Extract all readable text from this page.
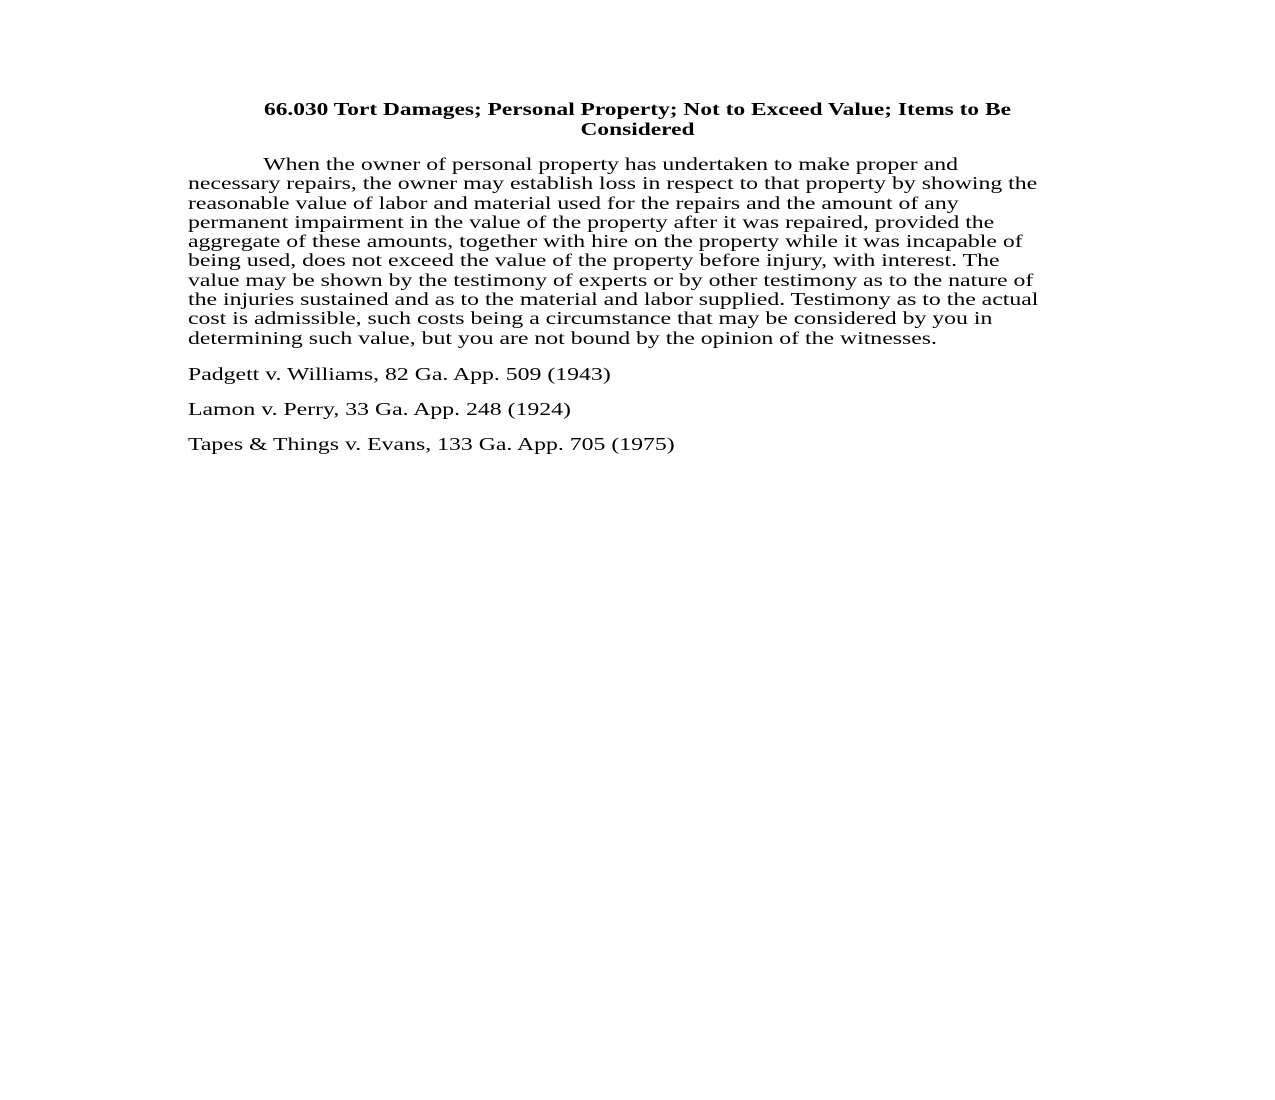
66.030 Tort Damages; Personal Property; Not to Exceed Value; Items to Be
Considered
When the owner of personal property has undertaken to make proper and
necessary repairs, the owner may establish loss in respect to that property by showing the
reasonable value of labor and material used for the repairs and the amount of any
permanent impairment in the value of the property after it was repaired, provided the
aggregate of these amounts, together with hire on the property while it was incapable of
being used, does not exceed the value of the property before injury, with interest. The
value may be shown by the testimony of experts or by other testimony as to the nature of
the injuries sustained and as to the material and labor supplied. Testimony as to the actual
cost is admissible, such costs being a circumstance that may be considered by you in
determining such value, but you are not bound by the opinion of the witnesses.
Padgett v. Williams, 82 Ga. App. 509 (1943)
Lamon v. Perry, 33 Ga. App. 248 (1924)
Tapes & Things v. Evans, 133 Ga. App. 705 (1975)
